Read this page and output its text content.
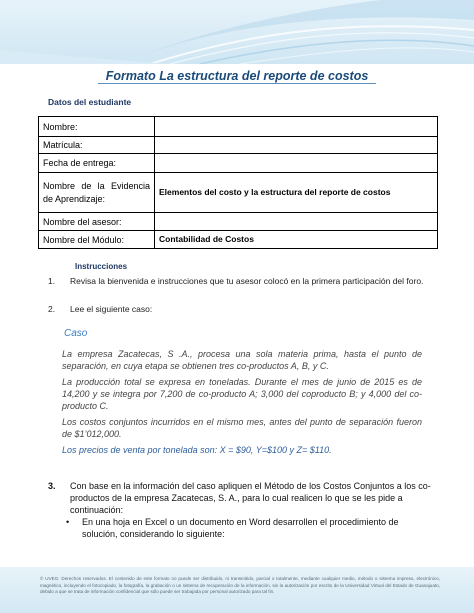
Formato La estructura del reporte de costos
Datos del estudiante
Nombre:	
Matrícula:	
Fecha de entrega:	
Nombre de la Evidencia de Aprendizaje:	Elementos del costo y la estructura del reporte de costos
Nombre del asesor:	
Nombre del Módulo:	Contabilidad de Costos
Instrucciones
1. Revisa la bienvenida e instrucciones que tu asesor colocó en la primera participación del foro.
2. Lee el siguiente caso:
Caso
La empresa Zacatecas, S .A., procesa una sola materia prima, hasta el punto de separación, en cuya etapa se obtienen tres co-productos A, B, y C.
La producción total se expresa en toneladas. Durante el mes de junio de 2015 es de 14,200 y se integra por 7,200 de co-producto A; 3,000 del coproducto B; y 4,000 del co-producto C.
Los costos conjuntos incurridos en el mismo mes, antes del punto de separación fueron de $1’012,000.
Los precios de venta por tonelada son: X = $90, Y=$100 y Z= $110.
3. Con base en la información del caso apliquen el Método de los Costos Conjuntos a los co-productos de la empresa Zacatecas, S. A., para lo cual realicen lo que se les pide a continuación:
• En una hoja en Excel o un documento en Word desarrollen el procedimiento de solución, considerando lo siguiente:
© UVEG. Derechos reservados. El contenido de este formato no puede ser distribuido, ni transmitido, parcial o totalmente, mediante cualquier medio, método o sistema impreso, electrónico, magnético, incluyendo el fotocopiado, la fotografía, la grabación o un sistema de recuperación de la información, sin la autorización por escrito de la Universidad Virtual del Estado de Guanajuato, debido a que se trata de información confidencial que sólo puede ser trabajada por personal autorizado para tal fin.
